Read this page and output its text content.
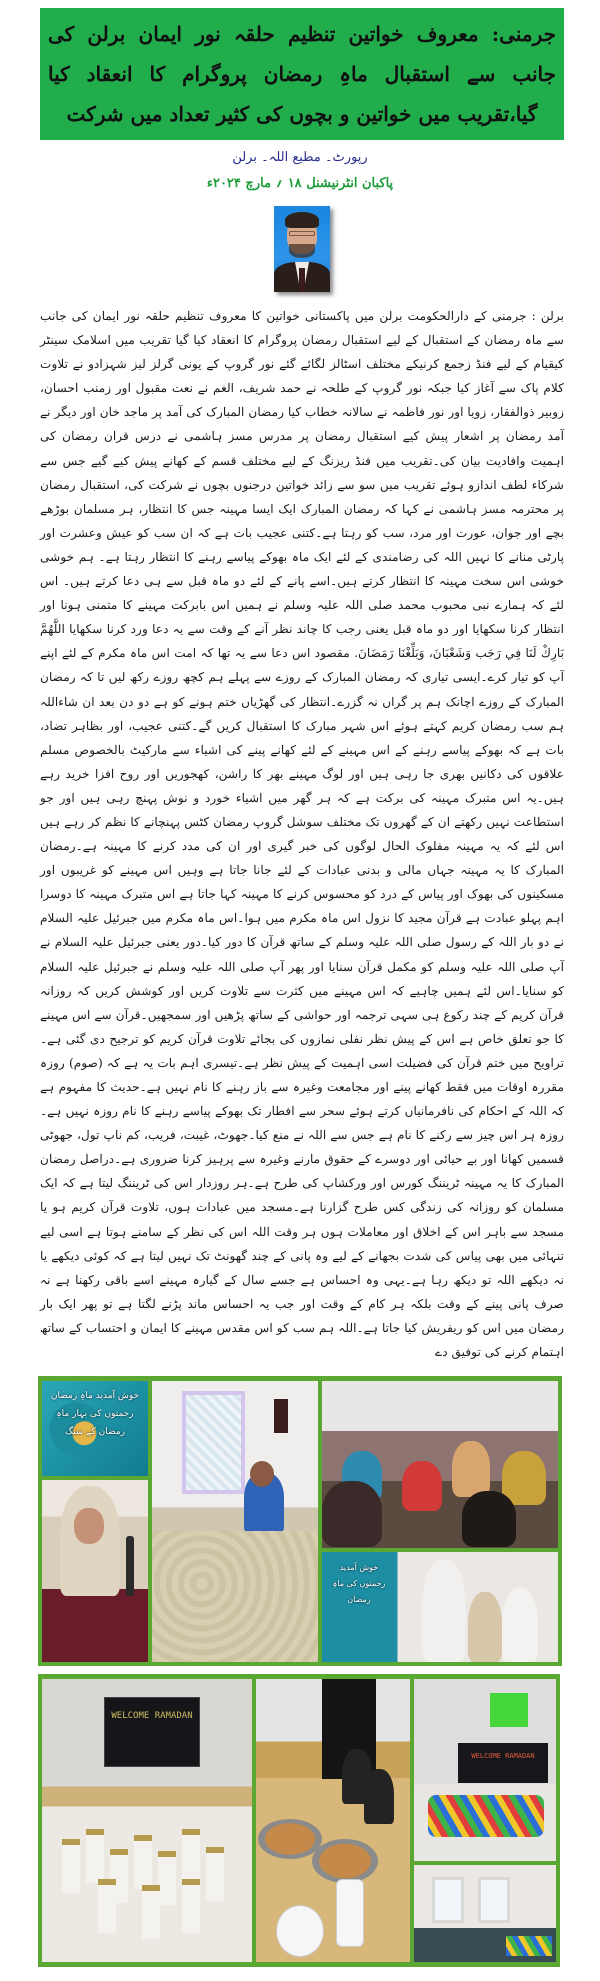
جرمنی: معروف خواتین تنظیم حلقہ نور ایمان برلن کی جانب سے استقبال ماہِ رمضان پروگرام کا انعقاد کیا گیا،تقریب میں خواتین و بچوں کی کثیر تعداد میں شرکت
رپورٹ۔ مطیع اللہ۔ برلن
پاکبان انٹرنیشنل ۱۸ ؍ مارچ ۲۰۲۴ء
برلن : جرمنی کے دارالحکومت برلن میں پاکستانی خواتین کا معروف تنظیم حلقہ نور ایمان کی جانب سے ماہ رمضان کے استقبال کے لیے استقبال رمضان پروگرام کا انعقاد کیا گیا تقریب میں اسلامک سینٹر کیقیام کے لیے فنڈ زجمع کرنیکے مختلف اسٹالز لگائے گئے نور گروپ کے یونی گرلز لیز شہزادو نے تلاوت کلام پاک سے آغاز کیا جبکہ نور گروپ کے طلحہ نے حمد شریف، الغم نے نعت مقبول اور زمنب احسان، زوبیر ذوالفقار، زویا اور نور فاطمہ نے سالانہ خطاب کیا رمضان المبارک کی آمد پر ماجد خان اور دیگر نے آمد رمضان پر اشعار پیش کیے استقبال رمضان پر مدرس مسز ہاشمی نے درس قران رمضان کی اہمیت وافادیت بیان کی۔تقریب میں فنڈ ریزنگ کے لیے مختلف قسم کے کھانے پیش کیے گیے جس سے شرکاء لطف اندازو ہوئے تقریب میں سو سے زائد خواتین درجنوں بچوں نے شرکت کی، استقبال رمضان پر محترمہ مسز ہاشمی نے کہا کہ رمضان المبارک ایک ایسا مہینہ جس کا انتظار، ہر مسلمان بوڑھے بچے اور جوان، عورت اور مرد، سب کو رہتا ہے۔کتنی عجیب بات ہے کہ ان سب کو عیش وعشرت اور پارٹی منانے کا نہیں اللہ کی رضامندی کے لئے ایک ماہ بھوکے پیاسے رہنے کا انتظار رہتا ہے۔ ہم خوشی خوشی اس سخت مہینہ کا انتظار کرتے ہیں۔اسے پانے کے لئے دو ماہ قبل سے ہی دعا کرتے ہیں۔ اس لئے کہ ہمارے نبی محبوب محمد صلی اللہ علیہ وسلم نے ہمیں اس بابرکت مہینے کا متمنی ہونا اور انتظار کرنا سکھایا اور دو ماہ قبل یعنی رجب کا چاند نظر آنے کے وقت سے یہ دعا ورد کرنا سکھایا اللَّهُمَّ بَارِكْ لَنَا فِي رَجَب وَشَعْبَانَ، وَبَلِّغْنَا رَمَضَانَ. مقصود اس دعا سے یہ تھا کہ امت اس ماہ مکرم کے لئے اپنے آپ کو تیار کرے۔ایسی تیاری کہ رمضان المبارک کے روزے سے پہلے ہم کچھ روزے رکھ لیں تا کہ رمضان المبارک کے روزے اچانک ہم پر گراں نہ گزرے۔انتظار کی گھڑیاں ختم ہونے کو ہے دو دن بعد ان شاءاللہ ہم سب رمضان کریم کہتے ہوئے اس شہر مبارک کا استقبال کریں گے۔کتنی عجیب، اور بظاہر تضاد، بات ہے کہ بھوکے پیاسے رہنے کے اس مہینے کے لئے کھانے پینے کی اشیاء سے مارکیٹ بالخصوص مسلم علاقوں کی دکانیں بھری جا رہی ہیں اور لوگ مہینے بھر کا راشن، کھجوریں اور روح افزا خرید رہے ہیں۔یہ اس متبرک مہینہ کی برکت ہے کہ ہر گھر میں اشیاء خورد و نوش پہنچ رہی ہیں اور جو استطاعت نہیں رکھتے ان کے گھروں تک مختلف سوشل گروپ رمضان کٹس پہنچانے کا نظم کر رہے ہیں اس لئے کہ یہ مہینہ مفلوک الحال لوگوں کی خبر گیری اور ان کی مدد کرنے کا مہینہ ہے۔رمضان المبارک کا یہ مہینہ جہاں مالی و بدنی عبادات کے لئے جانا جاتا ہے وہیں اس مہینے کو غریبوں اور مسکینوں کی بھوک اور پیاس کے درد کو محسوس کرنے کا مہینہ کہا جاتا ہے اس متبرک مہینہ کا دوسرا اہم پہلو عبادت ہے قرآن مجید کا نزول اس ماہ مکرم میں ہوا۔اس ماہ مکرم میں جبرئیل علیہ السلام نے دو بار اللہ کے رسول صلی اللہ علیہ وسلم کے ساتھ قرآن کا دور کیا۔دور یعنی جبرئیل علیہ السلام نے آپ صلی اللہ علیہ وسلم کو مکمل قرآن سنایا اور پھر آپ صلی اللہ علیہ وسلم نے جبرئیل علیہ السلام کو سنایا۔اس لئے ہمیں چاہیے کہ اس مہینے میں کثرت سے تلاوت کریں اور کوشش کریں کہ روزانہ قرآن کریم کے چند رکوع ہی سہی ترجمہ اور حواشی کے ساتھ پڑھیں اور سمجھیں۔قرآن سے اس مہینے کا جو تعلق خاص ہے اس کے پیش نظر نفلی نمازوں کی بجائے تلاوت قرآن کریم کو ترجیح دی گئی ہے۔تراویح میں ختم قرآن کی فضیلت اسی اہمیت کے پیش نظر ہے۔تیسری اہم بات یہ ہے کہ (صوم) روزہ مقررہ اوقات میں فقط کھانے پینے اور مجامعت وغیرہ سے باز رہنے کا نام نہیں ہے۔حدیث کا مفہوم ہے کہ اللہ کے احکام کی نافرمانیاں کرتے ہوئے سحر سے افطار تک بھوکے پیاسے رہنے کا نام روزہ نہیں ہے۔روزہ ہر اس چیز سے رکنے کا نام ہے جس سے اللہ نے منع کیا۔جھوٹ، غیبت، فریب، کم ناپ تول، جھوٹی قسمیں کھانا اور بے حیائی اور دوسرے کے حقوق مارنے وغیرہ سے پرہیز کرنا ضروری ہے۔دراصل رمضان المبارک کا یہ مہینہ ٹریننگ کورس اور ورکشاپ کی طرح ہے۔ہر روزدار اس کی ٹریننگ لیتا ہے کہ ایک مسلمان کو روزانہ کی زندگی کس طرح گزارنا ہے۔مسجد میں عبادات ہوں، تلاوت قرآن کریم ہو یا مسجد سے باہر اس کے اخلاق اور معاملات ہوں ہر وقت اللہ اس کی نظر کے سامنے ہوتا ہے اسی لیے تنہائی میں بھی پیاس کی شدت بجھانے کے لیے وہ پانی کے چند گھونٹ تک نہیں لیتا ہے کہ کوئی دیکھے یا نہ دیکھے اللہ تو دیکھ رہا ہے۔یہی وہ احساس ہے جسے سال کے گیارہ مہینے اسے باقی رکھنا ہے نہ صرف پانی پینے کے وقت بلکہ ہر کام کے وقت اور جب یہ احساس ماند پڑنے لگتا ہے تو پھر ایک بار رمضان میں اس کو ریفریش کیا جاتا ہے۔اللہ ہم سب کو اس مقدس مہینے کا ایمان و احتساب کے ساتھ اہتمام کرنے کی توفیق دے
خوش آمدید ماہِ رمضان رحمتوں کی بہار ماہِ رمضان کے سنگ
خوش آمدید رحمتوں کی ماہِ رمضان
WELCOME RAMADAN
WELCOME RAMADAN
